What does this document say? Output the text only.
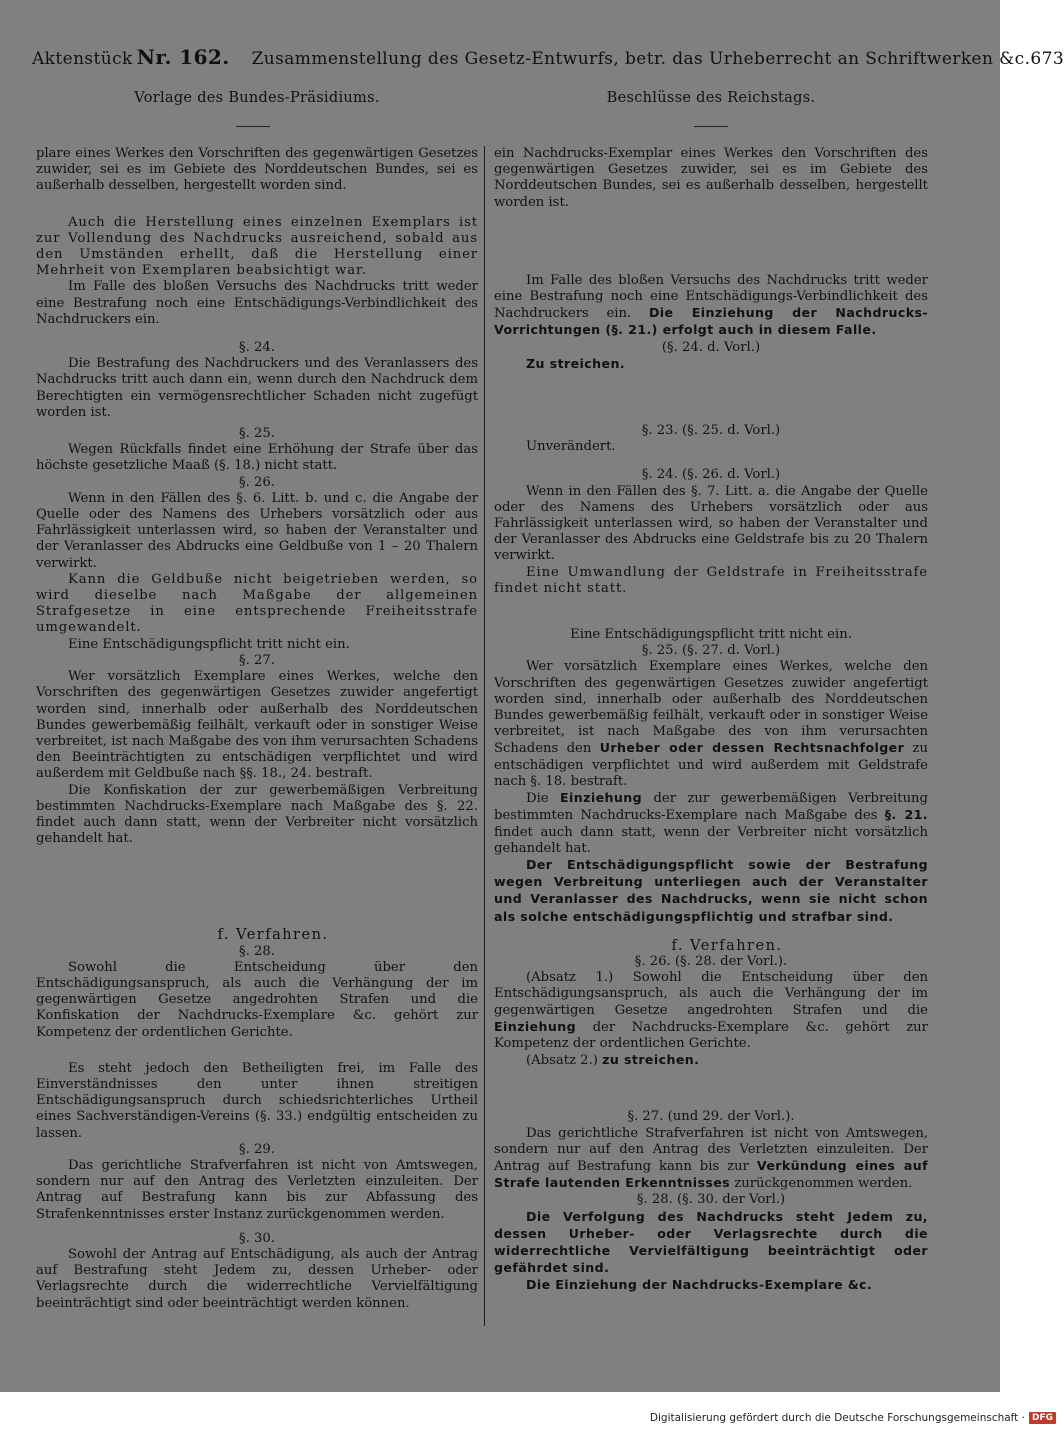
Aktenstück Nr. 162. Zusammenstellung des Gesetz-Entwurfs, betr. das Urheberrecht an Schriftwerken &c. 673
Vorlage des Bundes-Präsidiums.	Beschlüsse des Reichstags.

plare eines Werkes den Vorschriften des gegenwärtigen Gesetzes zuwider, sei es im Gebiete des Norddeutschen Bundes, sei es außerhalb desselben, hergestellt worden sind.

Auch die Herstellung eines einzelnen Exemplars ist zur Vollendung des Nachdrucks ausreichend, sobald aus den Umständen erhellt, daß die Herstellung einer Mehrheit von Exemplaren beabsichtigt war.

Im Falle des bloßen Versuchs des Nachdrucks tritt weder eine Bestrafung noch eine Entschädigungs-Verbindlichkeit des Nachdruckers ein.

§. 24.

Die Bestrafung des Nachdruckers und des Veranlassers des Nachdrucks tritt auch dann ein, wenn durch den Nachdruck dem Berechtigten ein vermögensrechtlicher Schaden nicht zugefügt worden ist.

§. 25.

Wegen Rückfalls findet eine Erhöhung der Strafe über das höchste gesetzliche Maaß (§. 18.) nicht statt.

§. 26.

Wenn in den Fällen des §. 6. Litt. b. und c. die Angabe der Quelle oder des Namens des Urhebers vorsätzlich oder aus Fahrlässigkeit unterlassen wird, so haben der Veranstalter und der Veranlasser des Abdrucks eine Geldbuße von 1 – 20 Thalern verwirkt.

Kann die Geldbuße nicht beigetrieben werden, so wird dieselbe nach Maßgabe der allgemeinen Strafgesetze in eine entsprechende Freiheitsstrafe umgewandelt.

Eine Entschädigungspflicht tritt nicht ein.

§. 27.

Wer vorsätzlich Exemplare eines Werkes, welche den Vorschriften des gegenwärtigen Gesetzes zuwider angefertigt worden sind, innerhalb oder außerhalb des Norddeutschen Bundes gewerbemäßig feilhält, verkauft oder in sonstiger Weise verbreitet, ist nach Maßgabe des von ihm verursachten Schadens den Beeinträchtigten zu entschädigen verpflichtet und wird außerdem mit Geldbuße nach §§. 18., 24. bestraft.

Die Konfiskation der zur gewerbemäßigen Verbreitung bestimmten Nachdrucks-Exemplare nach Maßgabe des §. 22. findet auch dann statt, wenn der Verbreiter nicht vorsätzlich gehandelt hat.

f. Verfahren.

§. 28.

Sowohl die Entscheidung über den Entschädigungsanspruch, als auch die Verhängung der im gegenwärtigen Gesetze angedrohten Strafen und die Konfiskation der Nachdrucks-Exemplare &c. gehört zur Kompetenz der ordentlichen Gerichte.

Es steht jedoch den Betheiligten frei, im Falle des Einverständnisses den unter ihnen streitigen Entschädigungsanspruch durch schiedsrichterliches Urtheil eines Sachverständigen-Vereins (§. 33.) endgültig entscheiden zu lassen.

§. 29.

Das gerichtliche Strafverfahren ist nicht von Amtswegen, sondern nur auf den Antrag des Verletzten einzuleiten. Der Antrag auf Bestrafung kann bis zur Abfassung des Strafenkenntnisses erster Instanz zurückgenommen werden.

§. 30.

Sowohl der Antrag auf Entschädigung, als auch der Antrag auf Bestrafung steht Jedem zu, dessen Urheber- oder Verlagsrechte durch die widerrechtliche Vervielfältigung beeinträchtigt sind oder beeinträchtigt werden können.

ein Nachdrucks-Exemplar eines Werkes den Vorschriften des gegenwärtigen Gesetzes zuwider, sei es im Gebiete des Norddeutschen Bundes, sei es außerhalb desselben, hergestellt worden ist.

Im Falle des bloßen Versuchs des Nachdrucks tritt weder eine Bestrafung noch eine Entschädigungs-Verbindlichkeit des Nachdruckers ein. Die Einziehung der Nachdrucks-Vorrichtungen (§. 21.) erfolgt auch in diesem Falle.

(§. 24. d. Vorl.)

Zu streichen.

§. 23. (§. 25. d. Vorl.)

Unverändert.

§. 24. (§. 26. d. Vorl.)

Wenn in den Fällen des §. 7. Litt. a. die Angabe der Quelle oder des Namens des Urhebers vorsätzlich oder aus Fahrlässigkeit unterlassen wird, so haben der Veranstalter und der Veranlasser des Abdrucks eine Geldstrafe bis zu 20 Thalern verwirkt.

Eine Umwandlung der Geldstrafe in Freiheitsstrafe findet nicht statt.

Eine Entschädigungspflicht tritt nicht ein.

§. 25. (§. 27. d. Vorl.)

Wer vorsätzlich Exemplare eines Werkes, welche den Vorschriften des gegenwärtigen Gesetzes zuwider angefertigt worden sind, innerhalb oder außerhalb des Norddeutschen Bundes gewerbemäßig feilhält, verkauft oder in sonstiger Weise verbreitet, ist nach Maßgabe des von ihm verursachten Schadens den Urheber oder dessen Rechtsnachfolger zu entschädigen verpflichtet und wird außerdem mit Geldstrafe nach §. 18. bestraft.

Die Einziehung der zur gewerbemäßigen Verbreitung bestimmten Nachdrucks-Exemplare nach Maßgabe des §. 21. findet auch dann statt, wenn der Verbreiter nicht vorsätzlich gehandelt hat.

Der Entschädigungspflicht sowie der Bestrafung wegen Verbreitung unterliegen auch der Veranstalter und Veranlasser des Nachdrucks, wenn sie nicht schon als solche entschädigungspflichtig und strafbar sind.

f. Verfahren.

§. 26. (§. 28. der Vorl.).

(Absatz 1.) Sowohl die Entscheidung über den Entschädigungsanspruch, als auch die Verhängung der im gegenwärtigen Gesetze angedrohten Strafen und die Einziehung der Nachdrucks-Exemplare &c. gehört zur Kompetenz der ordentlichen Gerichte.

(Absatz 2.) zu streichen.

§. 27. (und 29. der Vorl.).

Das gerichtliche Strafverfahren ist nicht von Amtswegen, sondern nur auf den Antrag des Verletzten einzuleiten. Der Antrag auf Bestrafung kann bis zur Verkündung eines auf Strafe lautenden Erkenntnisses zurückgenommen werden.

§. 28. (§. 30. der Vorl.)

Die Verfolgung des Nachdrucks steht Jedem zu, dessen Urheber- oder Verlagsrechte durch die widerrechtliche Vervielfältigung beeinträchtigt oder gefährdet sind.

Die Einziehung der Nachdrucks-Exemplare &c.

Digitalisierung gefördert durch die Deutsche Forschungsgemeinschaft · DFG
